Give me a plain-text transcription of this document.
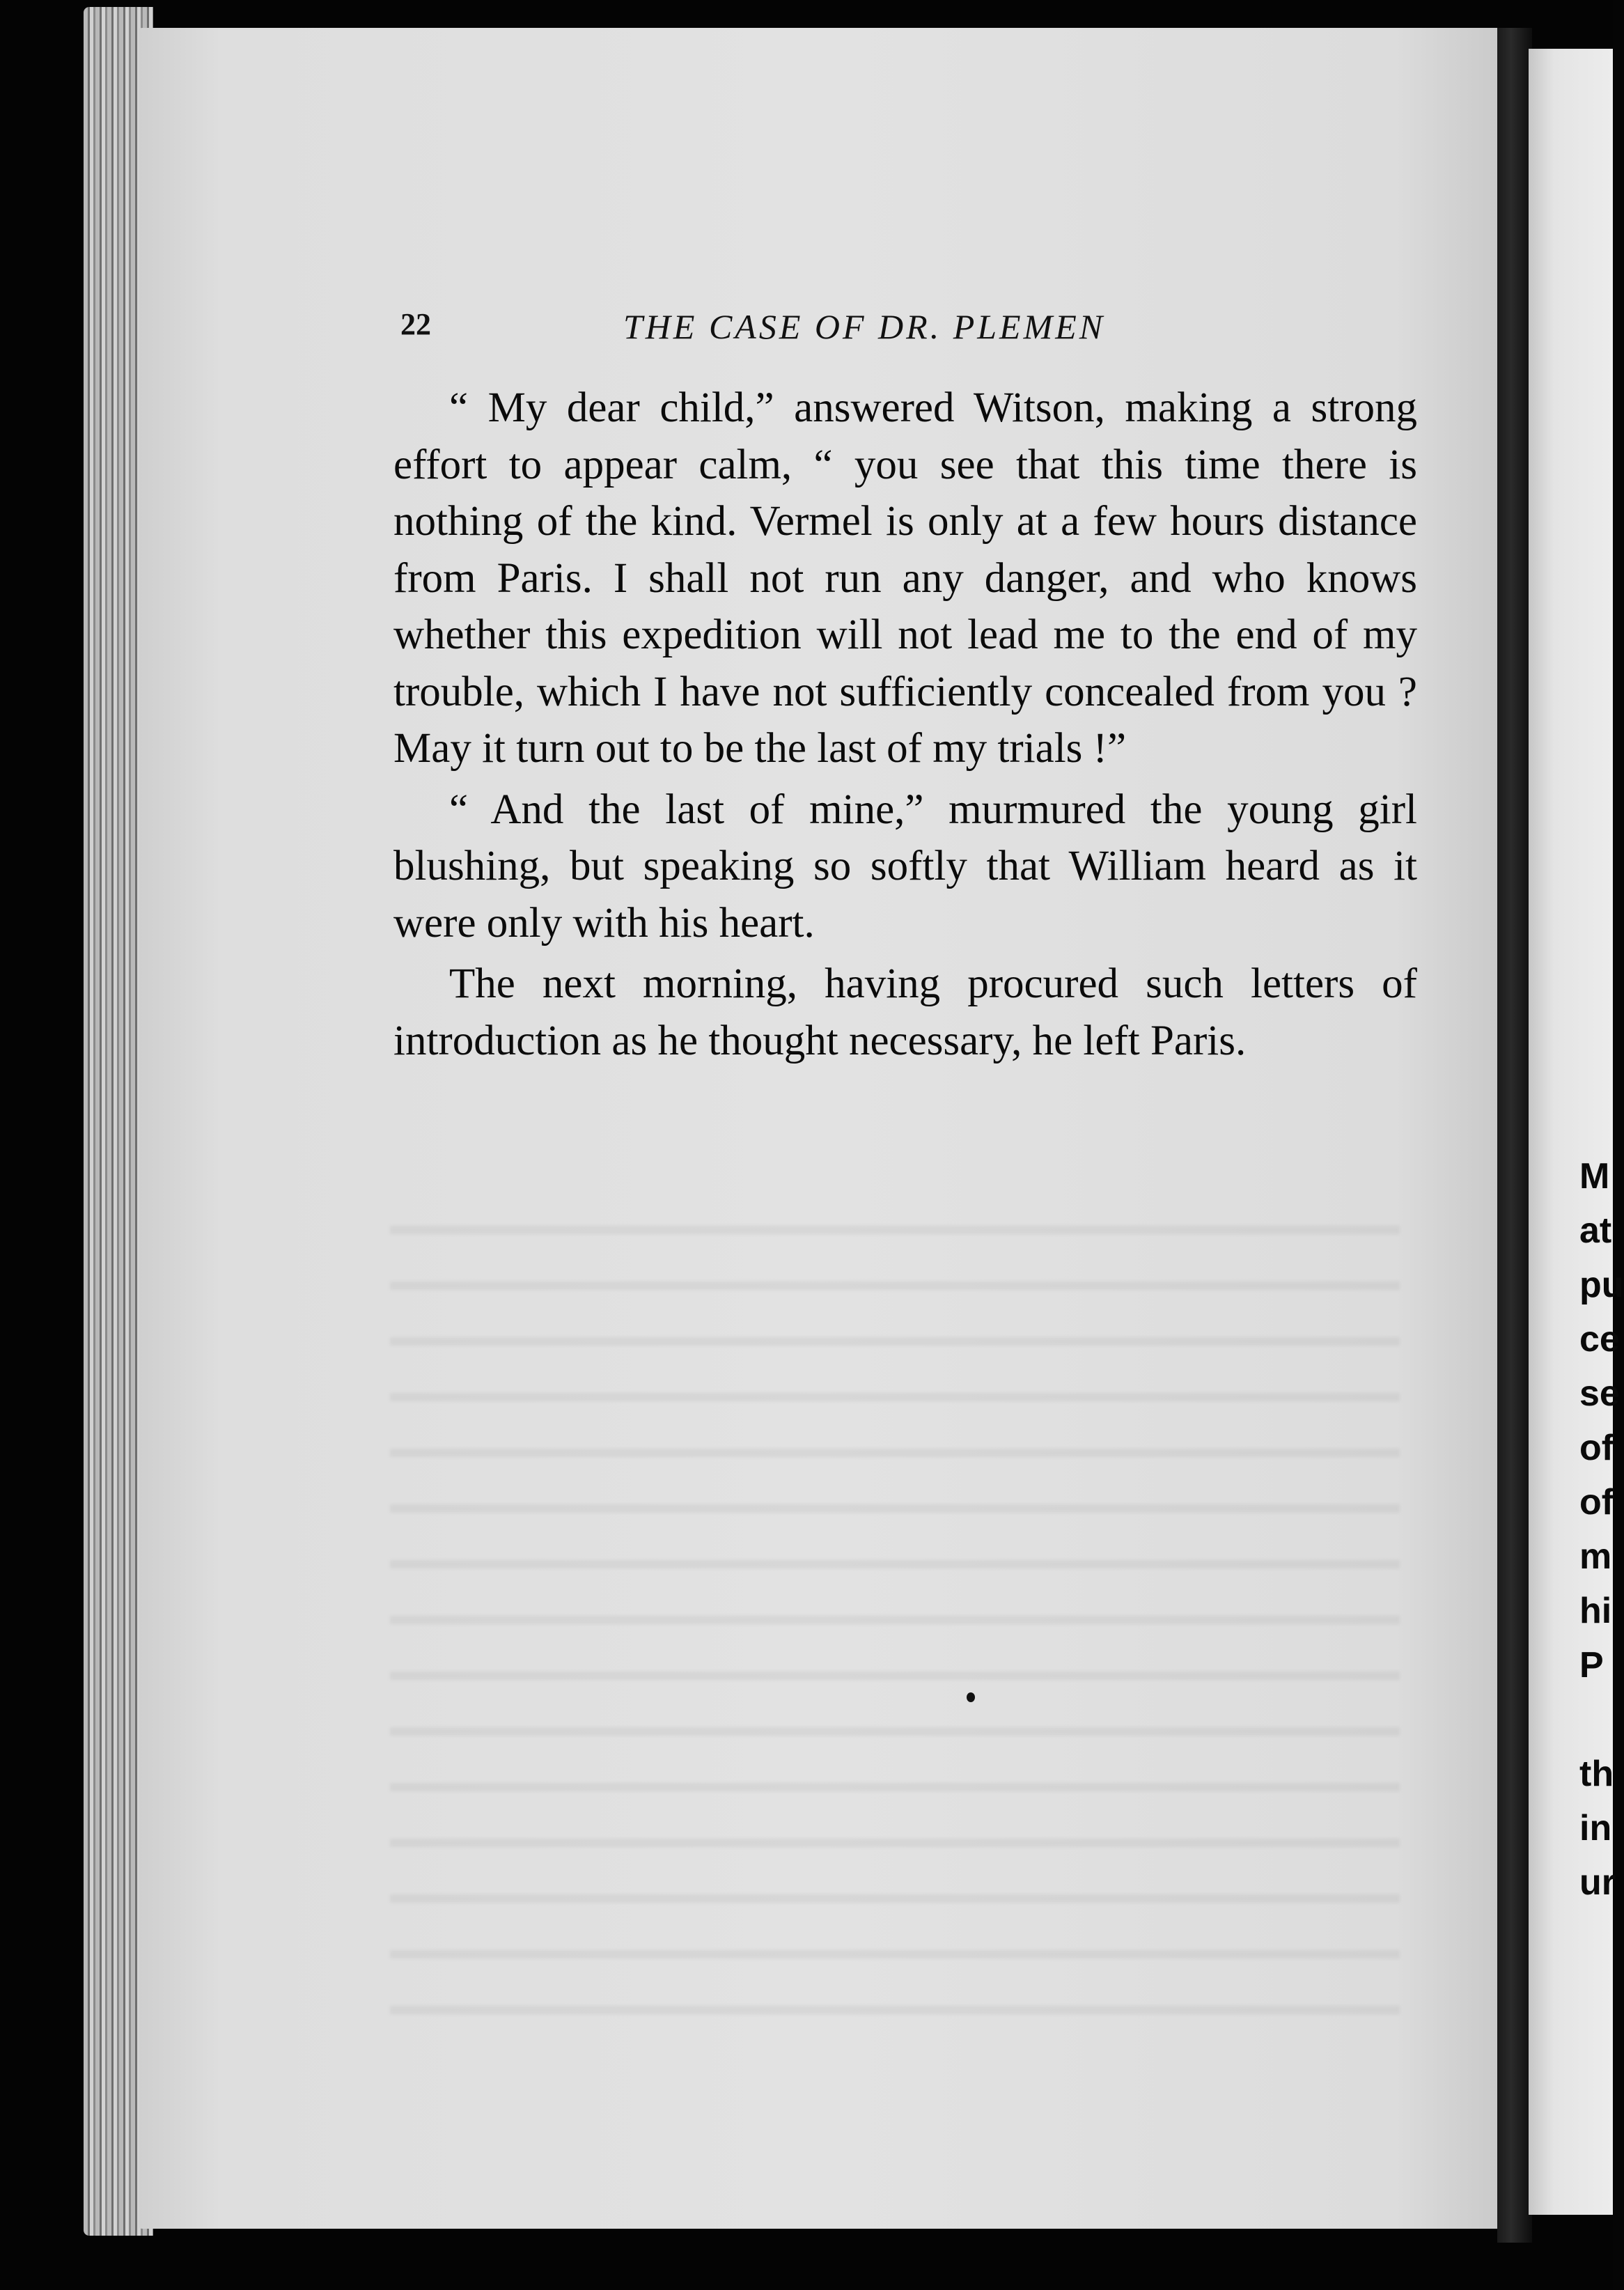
22	THE CASE OF DR. PLEMEN

“ My dear child,” answered Witson, making a strong effort to appear calm, “ you see that this time there is nothing of the kind. Vermel is only at a few hours distance from Paris. I shall not run any danger, and who knows whether this expedition will not lead me to the end of my trouble, which I have not sufficiently concealed from you ? May it turn out to be the last of my trials !”

“ And the last of mine,” murmured the young girl blushing, but speaking so softly that William heard as it were only with his heart.

The next morning, having procured such letters of introduction as he thought necessary, he left Paris.

M
at
pu
ce
se
of
of
m
hi
P
th
in
ur
